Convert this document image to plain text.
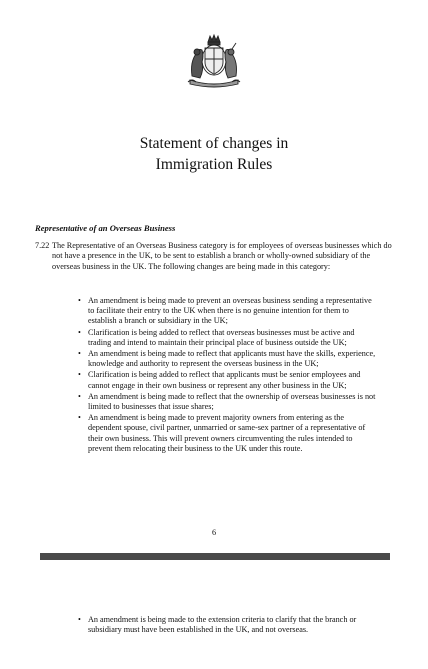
Statement of changes in
Immigration Rules
Representative of an Overseas Business
7.22 The Representative of an Overseas Business category is for employees of overseas businesses which do not have a presence in the UK, to be sent to establish a branch or wholly-owned subsidiary of the overseas business in the UK. The following changes are being made in this category:
• An amendment is being made to prevent an overseas business sending a representative to facilitate their entry to the UK when there is no genuine intention for them to establish a branch or subsidiary in the UK;
• Clarification is being added to reflect that overseas businesses must be active and trading and intend to maintain their principal place of business outside the UK;
• An amendment is being made to reflect that applicants must have the skills, experience, knowledge and authority to represent the overseas business in the UK;
• Clarification is being added to reflect that applicants must be senior employees and cannot engage in their own business or represent any other business in the UK;
• An amendment is being made to reflect that the ownership of overseas businesses is not limited to businesses that issue shares;
• An amendment is being made to prevent majority owners from entering as the dependent spouse, civil partner, unmarried or same-sex partner of a representative of their own business. This will prevent owners circumventing the rules intended to prevent them relocating their business to the UK under this route.
6
• An amendment is being made to the extension criteria to clarify that the branch or subsidiary must have been established in the UK, and not overseas.
